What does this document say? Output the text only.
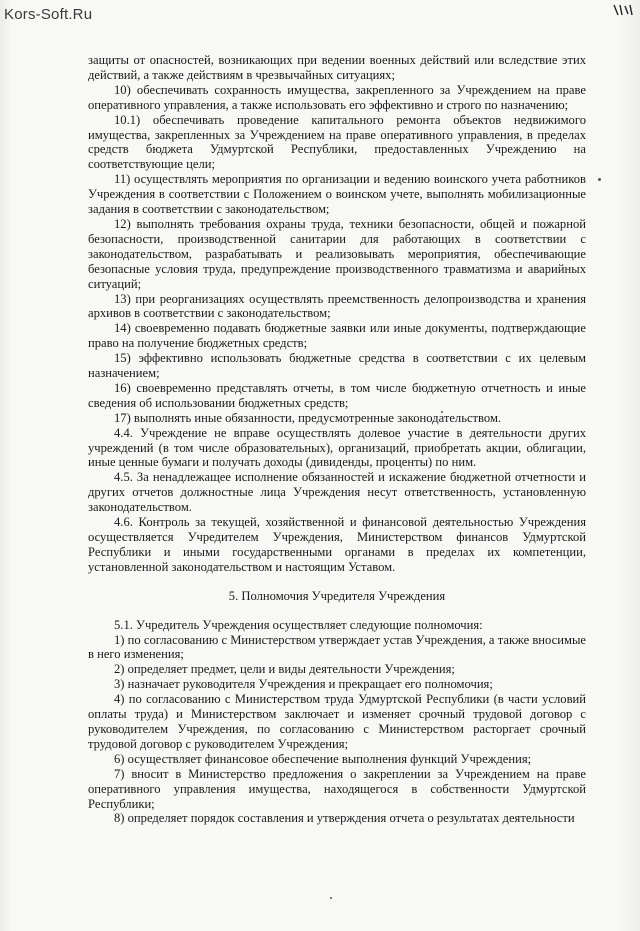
Kors-Soft.Ru

защиты от опасностей, возникающих при ведении военных действий или вследствие этих действий, а также действиям в чрезвычайных ситуациях;

10) обеспечивать сохранность имущества, закрепленного за Учреждением на праве оперативного управления, а также использовать его эффективно и строго по назначению;

10.1) обеспечивать проведение капитального ремонта объектов недвижимого имущества, закрепленных за Учреждением на праве оперативного управления, в пределах средств бюджета Удмуртской Республики, предоставленных Учреждению на соответствующие цели;

11) осуществлять мероприятия по организации и ведению воинского учета работников Учреждения в соответствии с Положением о воинском учете, выполнять мобилизационные задания в соответствии с законодательством;

12) выполнять требования охраны труда, техники безопасности, общей и пожарной безопасности, производственной санитарии для работающих в соответствии с законодательством, разрабатывать и реализовывать мероприятия, обеспечивающие безопасные условия труда, предупреждение производственного травматизма и аварийных ситуаций;

13) при реорганизациях осуществлять преемственность делопроизводства и хранения архивов в соответствии с законодательством;

14) своевременно подавать бюджетные заявки или иные документы, подтверждающие право на получение бюджетных средств;

15) эффективно использовать бюджетные средства в соответствии с их целевым назначением;

16) своевременно представлять отчеты, в том числе бюджетную отчетность и иные сведения об использовании бюджетных средств;

17) выполнять иные обязанности, предусмотренные законодательством.

4.4. Учреждение не вправе осуществлять долевое участие в деятельности других учреждений (в том числе образовательных), организаций, приобретать акции, облигации, иные ценные бумаги и получать доходы (дивиденды, проценты) по ним.

4.5. За ненадлежащее исполнение обязанностей и искажение бюджетной отчетности и других отчетов должностные лица Учреждения несут ответственность, установленную законодательством.

4.6. Контроль за текущей, хозяйственной и финансовой деятельностью Учреждения осуществляется Учредителем Учреждения, Министерством финансов Удмуртской Республики и иными государственными органами в пределах их компетенции, установленной законодательством и настоящим Уставом.

5. Полномочия Учредителя Учреждения

5.1. Учредитель Учреждения осуществляет следующие полномочия:

1) по согласованию с Министерством утверждает устав Учреждения, а также вносимые в него изменения;

2) определяет предмет, цели и виды деятельности Учреждения;

3) назначает руководителя Учреждения и прекращает его полномочия;

4) по согласованию с Министерством труда Удмуртской Республики (в части условий оплаты труда) и Министерством заключает и изменяет срочный трудовой договор с руководителем Учреждения, по согласованию с Министерством расторгает срочный трудовой договор с руководителем Учреждения;

6) осуществляет финансовое обеспечение выполнения функций Учреждения;

7) вносит в Министерство предложения о закреплении за Учреждением на праве оперативного управления имущества, находящегося в собственности Удмуртской Республики;

8) определяет порядок составления и утверждения отчета о результатах деятельности
